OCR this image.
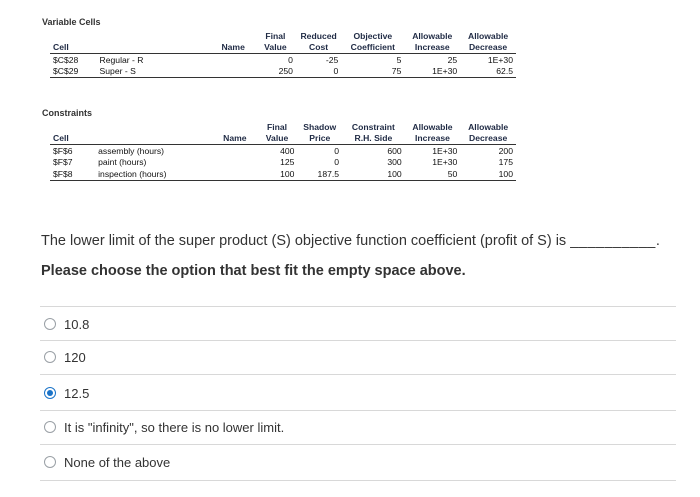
Variable Cells
		Final	Reduced	Objective	Allowable	Allowable
Cell	Name	Value	Cost	Coefficient	Increase	Decrease
$C$28	Regular - R	0	-25	5	25	1E+30
$C$29	Super - S	250	0	75	1E+30	62.5
Constraints
		Final	Shadow	Constraint	Allowable	Allowable
Cell	Name	Value	Price	R.H. Side	Increase	Decrease
$F$6	assembly (hours)	400	0	600	1E+30	200
$F$7	paint (hours)	125	0	300	1E+30	175
$F$8	inspection (hours)	100	187.5	100	50	100
The lower limit of the super product (S) objective function coefficient (profit of S) is __________.
Please choose the option that best fit the empty space above.
10.8
120
12.5
It is "infinity", so there is no lower limit.
None of the above
